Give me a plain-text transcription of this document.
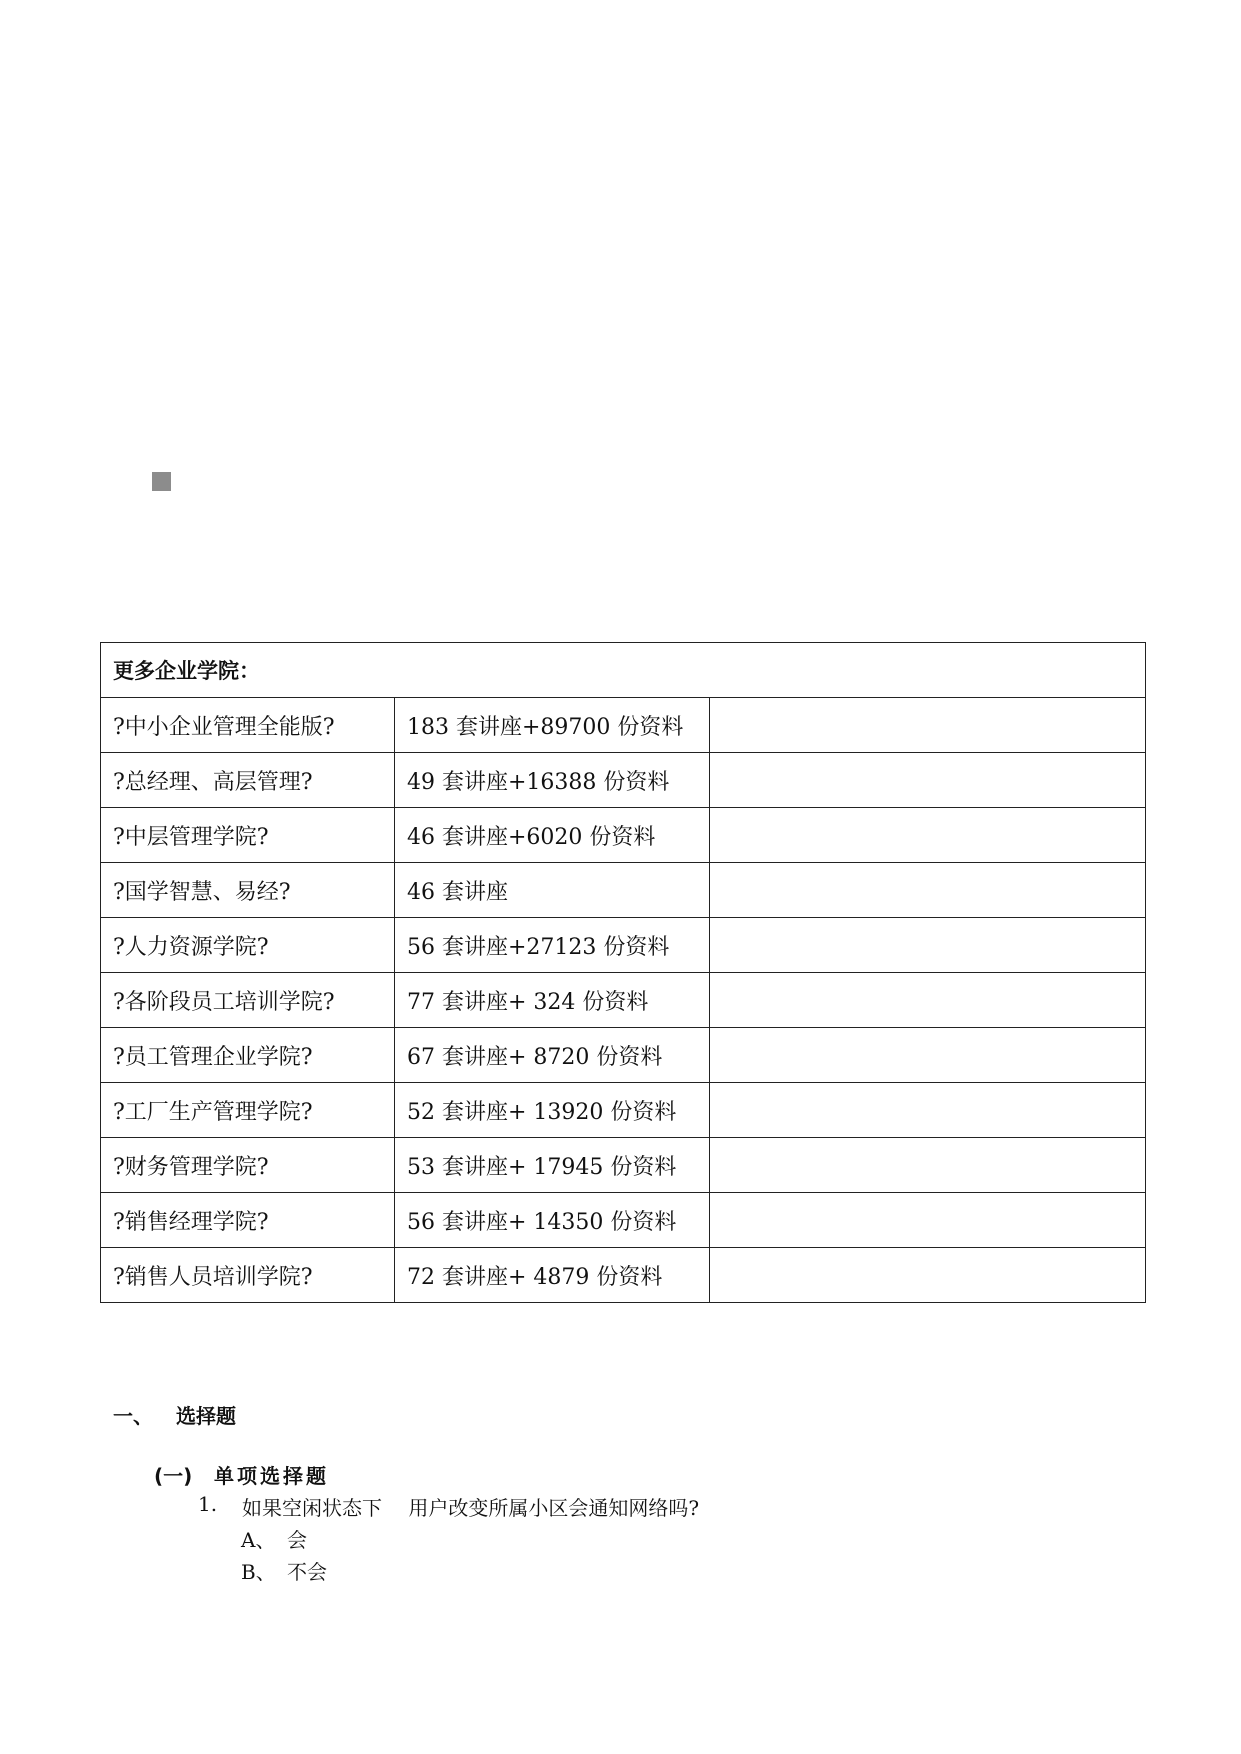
更多企业学院：		
?中小企业管理全能版?	183 套讲座+89700 份资料	
?总经理、高层管理?	49 套讲座+16388 份资料	
?中层管理学院?	46 套讲座+6020 份资料	
?国学智慧、易经?	46 套讲座	
?人力资源学院?	56 套讲座+27123 份资料	
?各阶段员工培训学院?	77 套讲座+ 324 份资料	
?员工管理企业学院?	67 套讲座+ 8720 份资料	
?工厂生产管理学院?	52 套讲座+ 13920 份资料	
?财务管理学院?	53 套讲座+ 17945 份资料	
?销售经理学院?	56 套讲座+ 14350 份资料	
?销售人员培训学院?	72 套讲座+ 4879 份资料	
一、 选择题
(一) 单项选择题
1. 如果空闲状态下　 用户改变所属小区会通知网络吗?
A、 会
B、 不会
